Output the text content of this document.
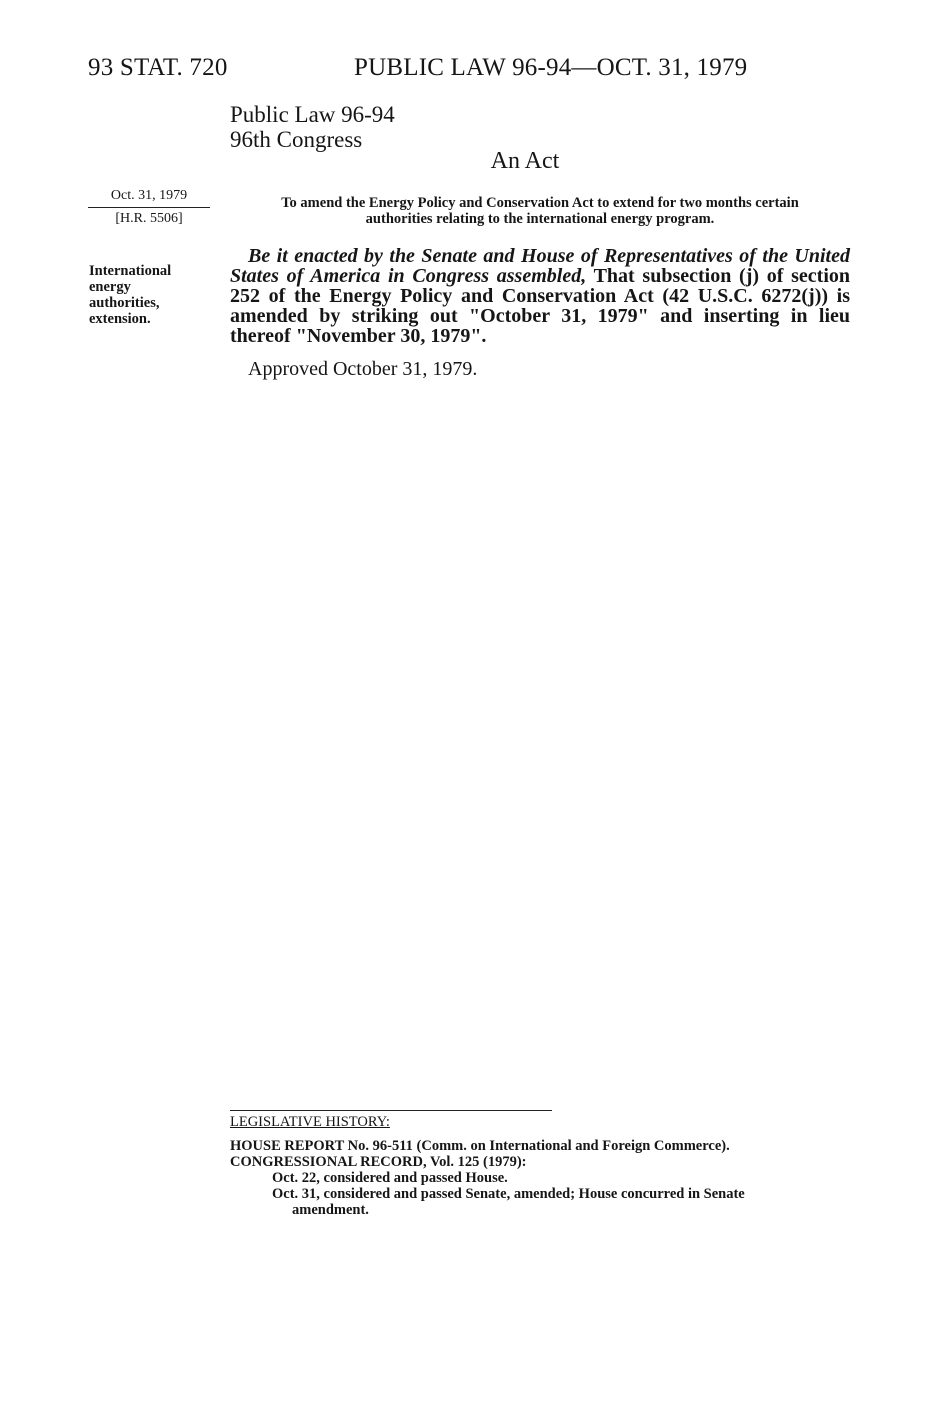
93 STAT. 720	PUBLIC LAW 96-94—OCT. 31, 1979
Public Law 96-94
96th Congress
An Act
Oct. 31, 1979
[H.R. 5506]
International
energy
authorities,
extension.
To amend the Energy Policy and Conservation Act to extend for two months certain
authorities relating to the international energy program.
Be it enacted by the Senate and House of Representatives of the United States of America in Congress assembled, That subsection (j) of section 252 of the Energy Policy and Conservation Act (42 U.S.C. 6272(j)) is amended by striking out "October 31, 1979" and inserting in lieu thereof "November 30, 1979".
Approved October 31, 1979.
LEGISLATIVE HISTORY:
HOUSE REPORT No. 96-511 (Comm. on International and Foreign Commerce).
CONGRESSIONAL RECORD, Vol. 125 (1979):
Oct. 22, considered and passed House.
Oct. 31, considered and passed Senate, amended; House concurred in Senate
amendment.
